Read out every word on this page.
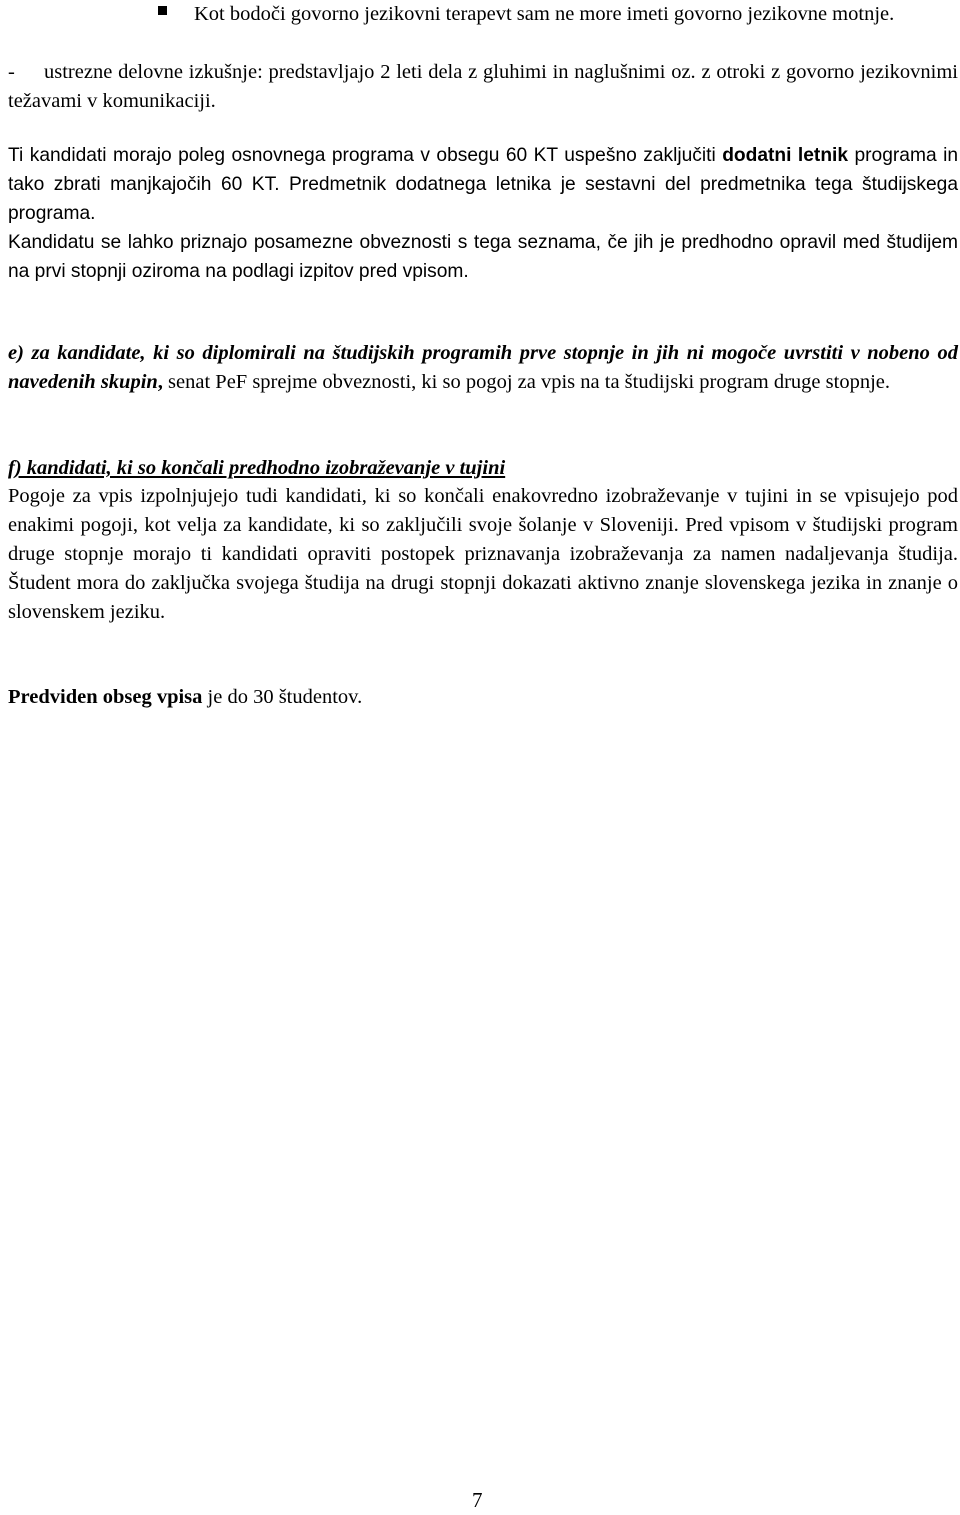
Kot bodoči govorno jezikovni terapevt sam ne more imeti govorno jezikovne motnje.
-	ustrezne delovne izkušnje: predstavljajo 2 leti dela z gluhimi in naglušnimi oz. z otroki z govorno jezikovnimi težavami v komunikaciji.
Ti kandidati morajo poleg osnovnega programa v obsegu 60 KT uspešno zaključiti dodatni letnik programa in tako zbrati manjkajočih 60 KT. Predmetnik dodatnega letnika je sestavni del predmetnika tega študijskega programa.
Kandidatu se lahko priznajo posamezne obveznosti s tega seznama, če jih je predhodno opravil med študijem na prvi stopnji oziroma na podlagi izpitov pred vpisom.
e) za kandidate, ki so diplomirali na študijskih programih prve stopnje in jih ni mogoče uvrstiti v nobeno od navedenih skupin, senat PeF sprejme obveznosti, ki so pogoj za vpis na ta študijski program druge stopnje.
f) kandidati, ki so končali predhodno izobraževanje v tujini
Pogoje za vpis izpolnjujejo tudi kandidati, ki so končali enakovredno izobraževanje v tujini in se vpisujejo pod enakimi pogoji, kot velja za kandidate, ki so zaključili svoje šolanje v Sloveniji. Pred vpisom v študijski program druge stopnje morajo ti kandidati opraviti postopek priznavanja izobraževanja za namen nadaljevanja študija. Študent mora do zaključka svojega študija na drugi stopnji dokazati aktivno znanje slovenskega jezika in znanje o slovenskem jeziku.
Predviden obseg vpisa je do 30 študentov.
7
